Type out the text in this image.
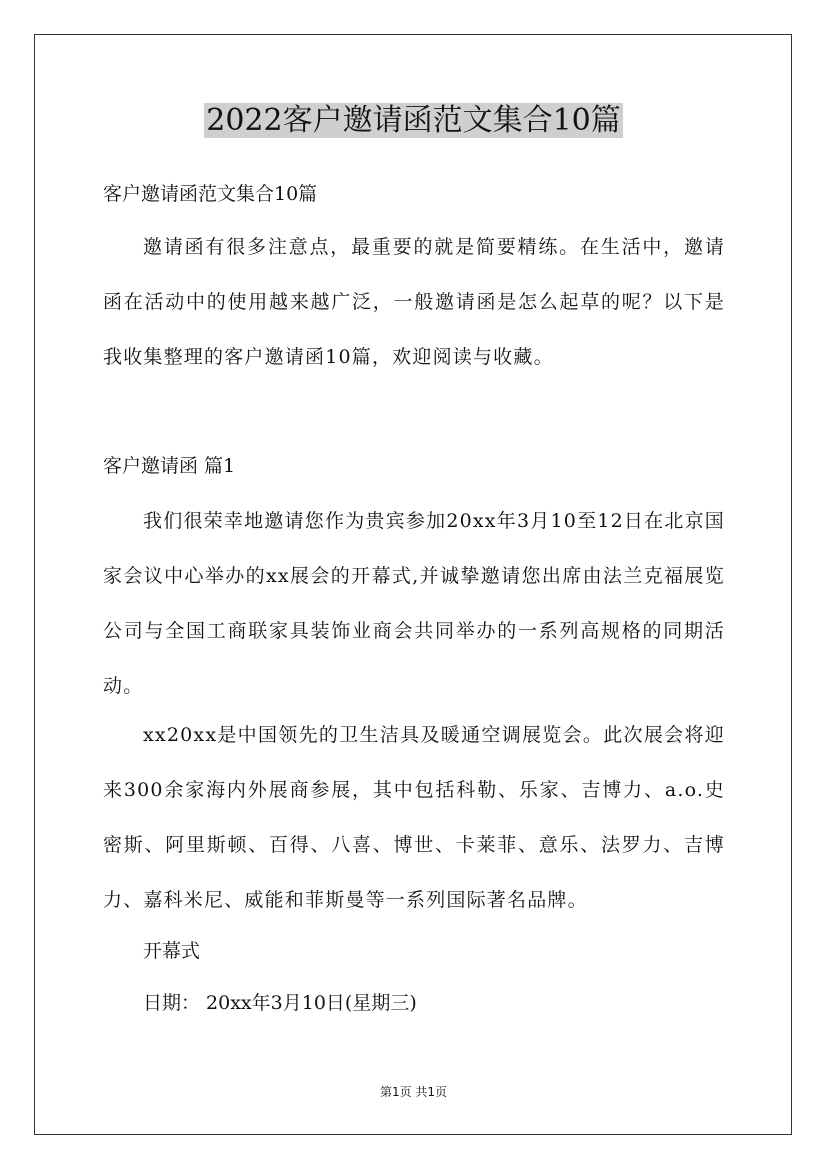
2022客户邀请函范文集合10篇

客户邀请函范文集合10篇

邀请函有很多注意点，最重要的就是简要精练。在生活中，邀请函在活动中的使用越来越广泛，一般邀请函是怎么起草的呢？以下是我收集整理的客户邀请函10篇，欢迎阅读与收藏。

客户邀请函 篇1

我们很荣幸地邀请您作为贵宾参加20xx年3月10至12日在北京国家会议中心举办的xx展会的开幕式,并诚挚邀请您出席由法兰克福展览公司与全国工商联家具装饰业商会共同举办的一系列高规格的同期活动。

xx20xx是中国领先的卫生洁具及暖通空调展览会。此次展会将迎来300余家海内外展商参展，其中包括科勒、乐家、吉博力、a.o.史密斯、阿里斯顿、百得、八喜、博世、卡莱菲、意乐、法罗力、吉博力、嘉科米尼、威能和菲斯曼等一系列国际著名品牌。

开幕式

日期： 20xx年3月10日(星期三)

第1页 共1页
